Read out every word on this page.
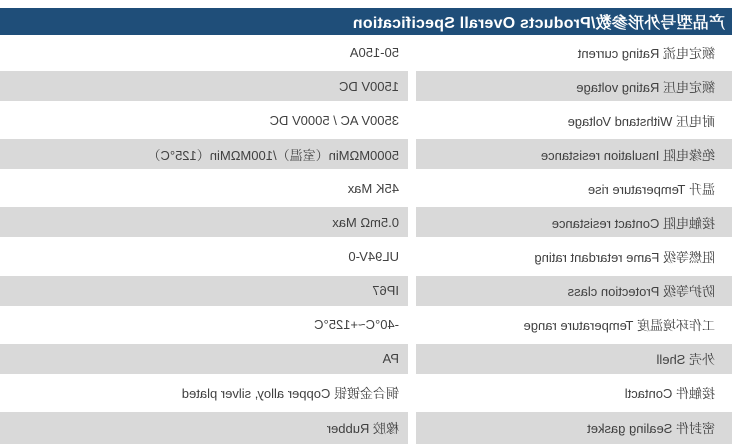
产品型号外形参数/Products Overall Specification
额定电流 Rating current
50-150A
额定电压 Rating voltage
1500V DC
耐电压 Withstand Voltage
3500V AC / 5000V DC
绝缘电阻 Insulation resistance
5000MΩMin（室温）/100MΩMin（125°C）
温升 Temperature rise
45K Max
接触电阻 Contact resistance
0.5mΩ Max
阻燃等级 Fame retardant rating
UL94V-0
防护等级 Protection class
IP67
工作环境温度 Temperature range
-40°C~+125°C
外壳 Shell
PA
接触件 Contactl
铜合金镀银 Copper alloy, silver plated
密封件 Sealing gasket
橡胶 Rubber
